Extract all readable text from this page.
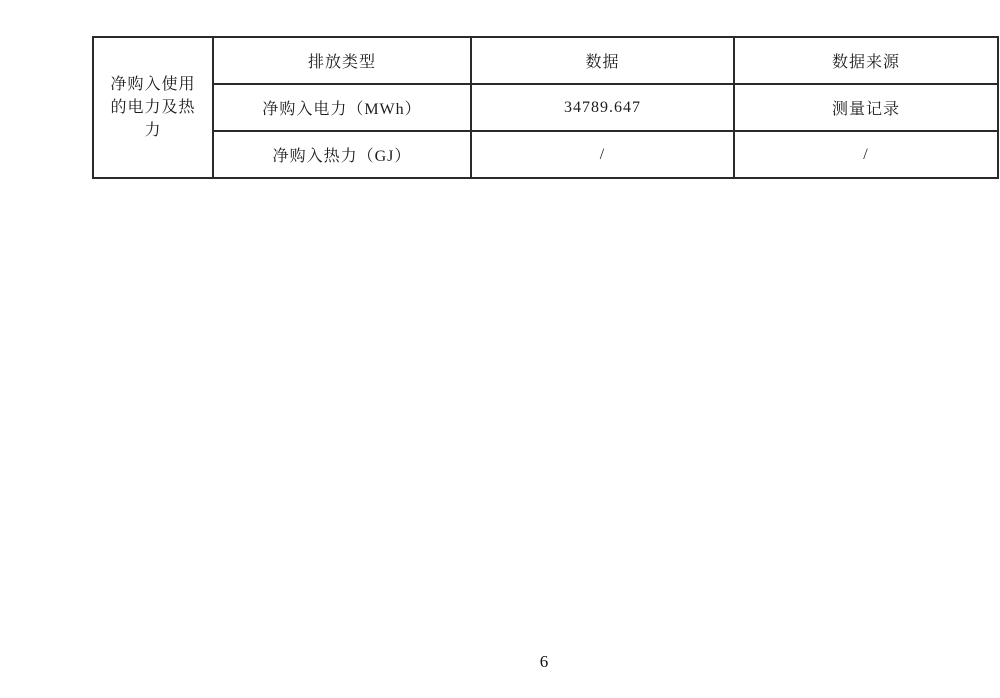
净购入使用的电力及热力	排放类型	数据	数据来源
	净购入电力（MWh）	34789.647	测量记录
	净购入热力（GJ）	/	/
6
